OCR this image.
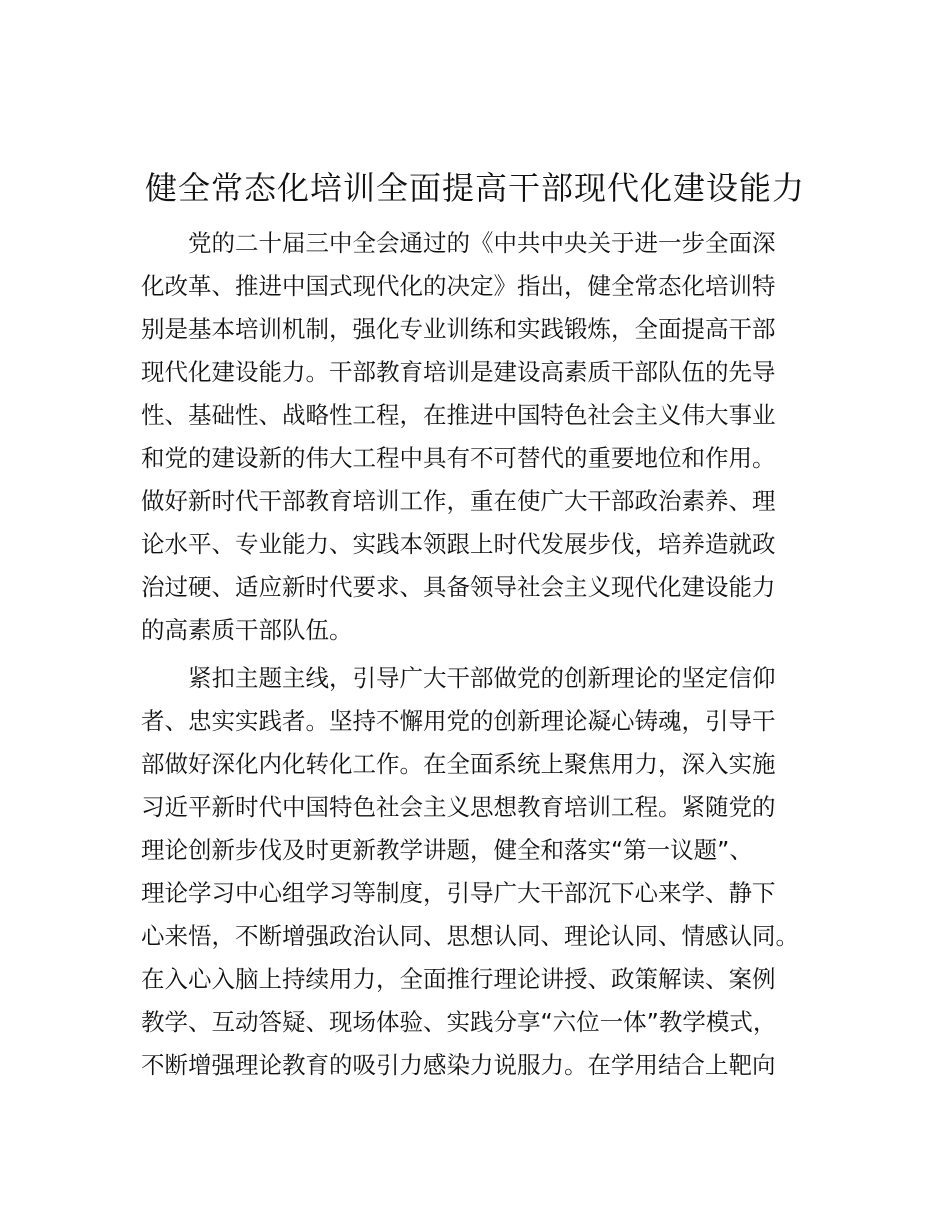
健全常态化培训全面提高干部现代化建设能力

党的二十届三中全会通过的《中共中央关于进一步全面深
化改革、推进中国式现代化的决定》指出，健全常态化培训特
别是基本培训机制，强化专业训练和实践锻炼，全面提高干部
现代化建设能力。干部教育培训是建设高素质干部队伍的先导
性、基础性、战略性工程，在推进中国特色社会主义伟大事业
和党的建设新的伟大工程中具有不可替代的重要地位和作用。
做好新时代干部教育培训工作，重在使广大干部政治素养、理
论水平、专业能力、实践本领跟上时代发展步伐，培养造就政
治过硬、适应新时代要求、具备领导社会主义现代化建设能力
的高素质干部队伍。

紧扣主题主线，引导广大干部做党的创新理论的坚定信仰
者、忠实实践者。坚持不懈用党的创新理论凝心铸魂，引导干
部做好深化内化转化工作。在全面系统上聚焦用力，深入实施
习近平新时代中国特色社会主义思想教育培训工程。紧随党的
理论创新步伐及时更新教学讲题，健全和落实“第一议题”、
理论学习中心组学习等制度，引导广大干部沉下心来学、静下
心来悟，不断增强政治认同、思想认同、理论认同、情感认同。
在入心入脑上持续用力，全面推行理论讲授、政策解读、案例
教学、互动答疑、现场体验、实践分享“六位一体”教学模式，
不断增强理论教育的吸引力感染力说服力。在学用结合上靶向
